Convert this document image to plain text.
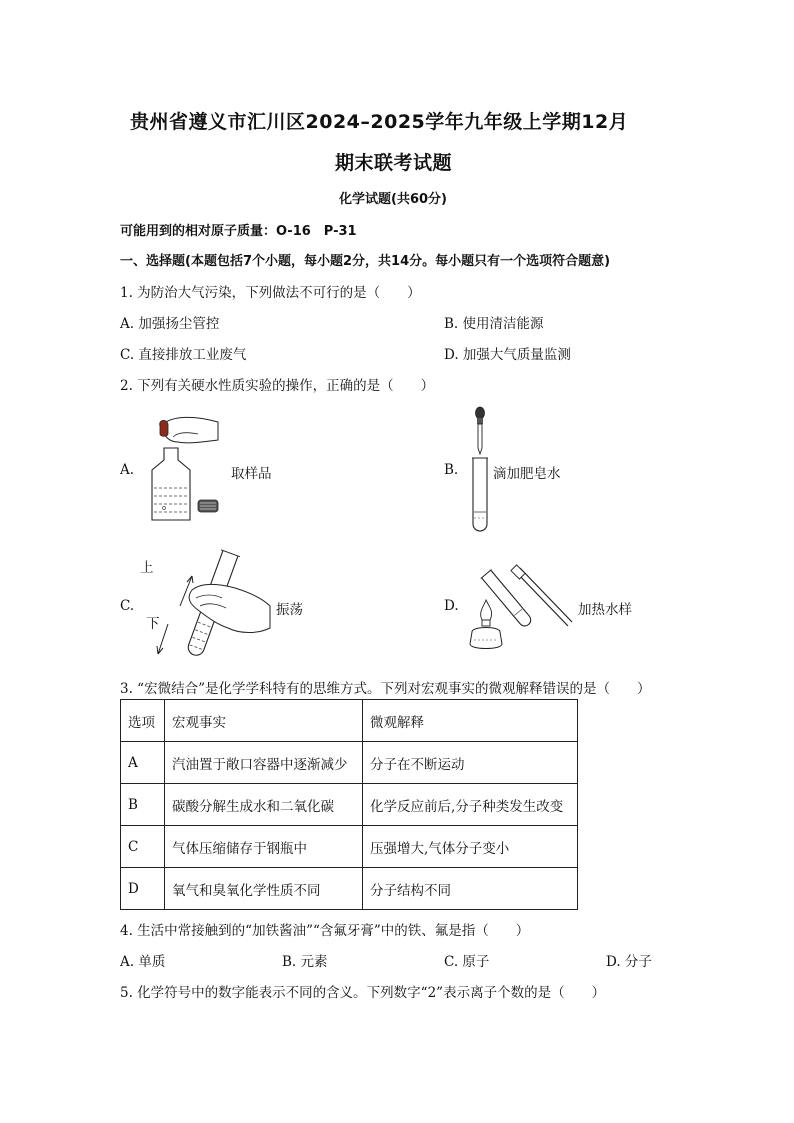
贵州省遵义市汇川区2024–2025学年九年级上学期12月
期末联考试题
化学试题(共60分)
可能用到的相对原子质量：O-16　P-31
一、选择题(本题包括7个小题，每小题2分，共14分。每小题只有一个选项符合题意)
1. 为防治大气污染，下列做法不可行的是（　　）
A. 加强扬尘管控	B. 使用清洁能源
C. 直接排放工业废气	D. 加强大气质量监测
2. 下列有关硬水性质实验的操作，正确的是（　　）
A.	取样品	B.	滴加肥皂水
C.
上
下
振荡	D.	加热水样
3. “宏微结合”是化学学科特有的思维方式。下列对宏观事实的微观解释错误的是（　　）
选项	宏观事实	微观解释
A	汽油置于敞口容器中逐渐减少	分子在不断运动
B	碳酸分解生成水和二氧化碳	化学反应前后,分子种类发生改变
C	气体压缩储存于钢瓶中	压强增大,气体分子变小
D	氧气和臭氧化学性质不同	分子结构不同
4. 生活中常接触到的“加铁酱油”“含氟牙膏”中的铁、氟是指（　　）
A. 单质	B. 元素	C. 原子	D. 分子
5. 化学符号中的数字能表示不同的含义。下列数字“2”表示离子个数的是（　　）
